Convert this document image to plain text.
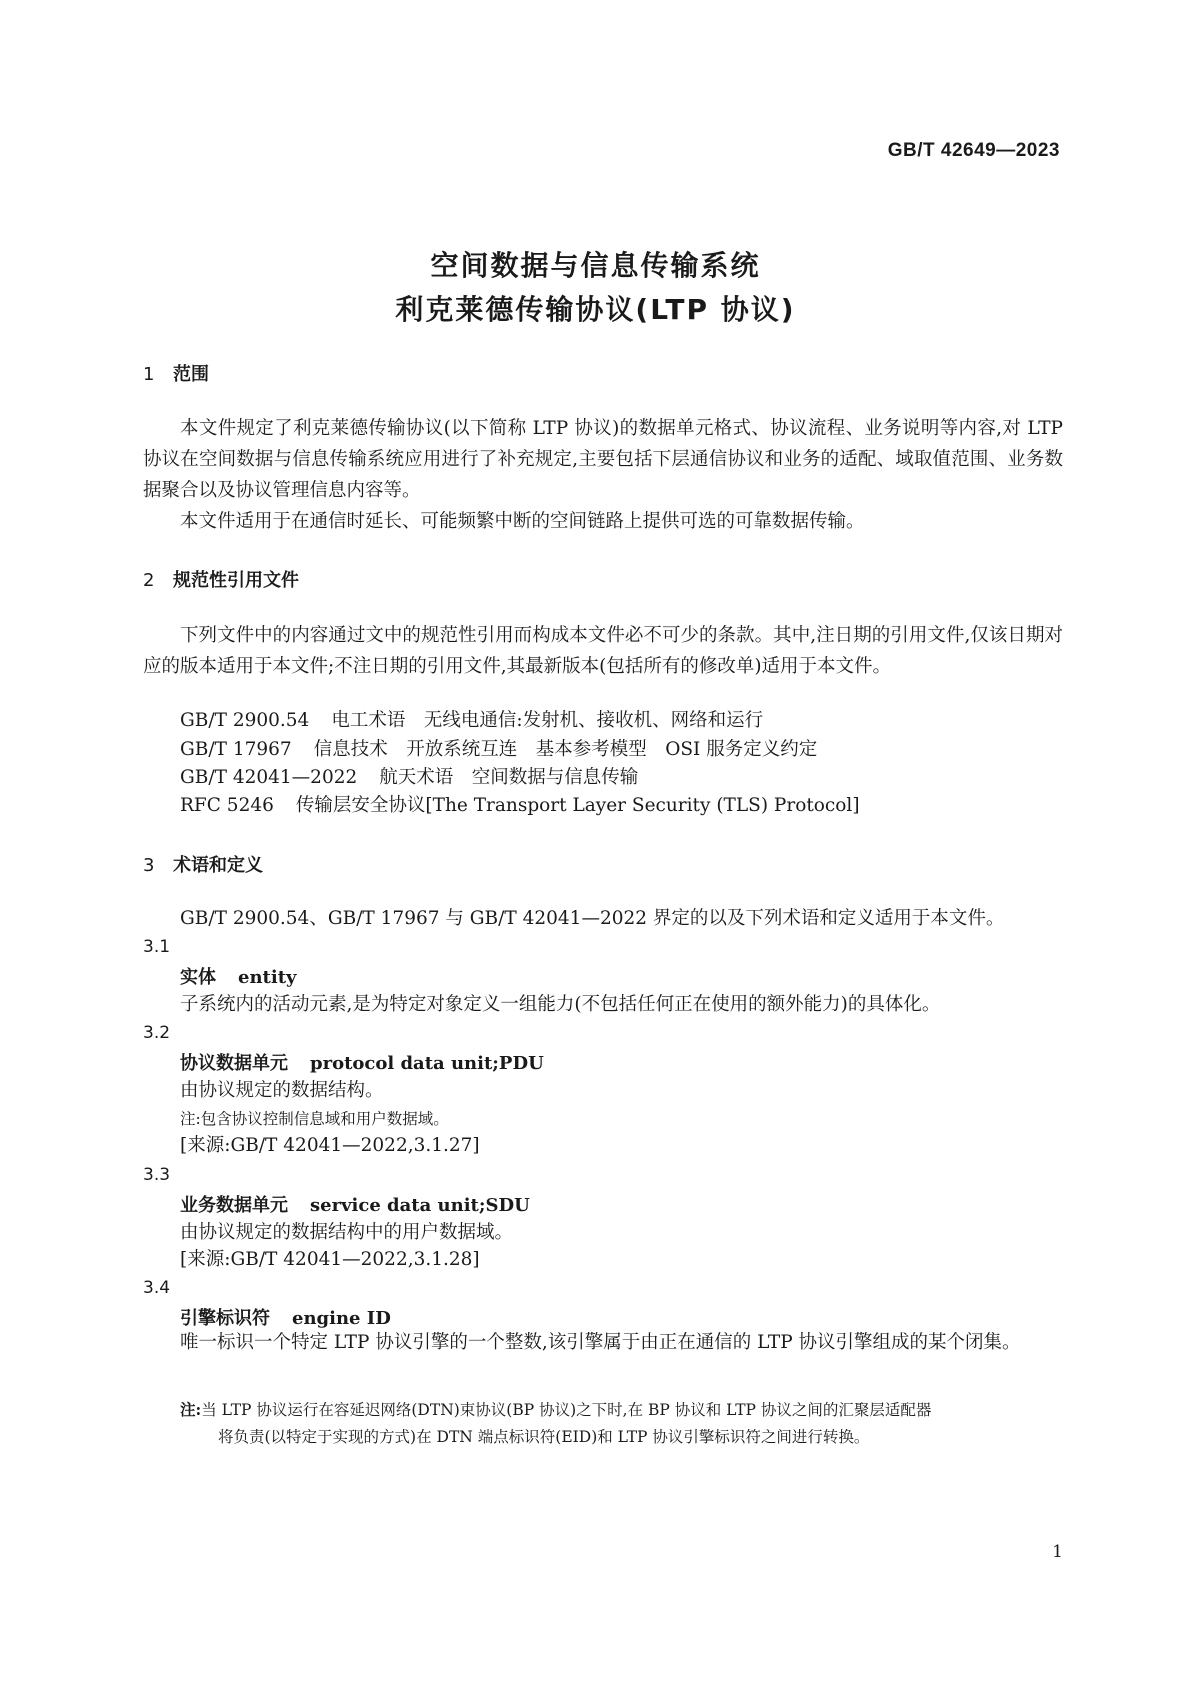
GB/T 42649—2023
空间数据与信息传输系统
利克莱德传输协议(LTP 协议)
1 范围
本文件规定了利克莱德传输协议(以下简称 LTP 协议)的数据单元格式、协议流程、业务说明等内容,对 LTP 协议在空间数据与信息传输系统应用进行了补充规定,主要包括下层通信协议和业务的适配、域取值范围、业务数据聚合以及协议管理信息内容等。
本文件适用于在通信时延长、可能频繁中断的空间链路上提供可选的可靠数据传输。
2 规范性引用文件
下列文件中的内容通过文中的规范性引用而构成本文件必不可少的条款。其中,注日期的引用文件,仅该日期对应的版本适用于本文件;不注日期的引用文件,其最新版本(包括所有的修改单)适用于本文件。
GB/T 2900.54 电工术语　无线电通信:发射机、接收机、网络和运行
GB/T 17967 信息技术　开放系统互连　基本参考模型　OSI 服务定义约定
GB/T 42041—2022 航天术语　空间数据与信息传输
RFC 5246 传输层安全协议[The Transport Layer Security (TLS) Protocol]
3 术语和定义
GB/T 2900.54、GB/T 17967 与 GB/T 42041—2022 界定的以及下列术语和定义适用于本文件。
3.1
实体 entity
子系统内的活动元素,是为特定对象定义一组能力(不包括任何正在使用的额外能力)的具体化。
3.2
协议数据单元 protocol data unit;PDU
由协议规定的数据结构。
注:包含协议控制信息域和用户数据域。
[来源:GB/T 42041—2022,3.1.27]
3.3
业务数据单元 service data unit;SDU
由协议规定的数据结构中的用户数据域。
[来源:GB/T 42041—2022,3.1.28]
3.4
引擎标识符 engine ID
唯一标识一个特定 LTP 协议引擎的一个整数,该引擎属于由正在通信的 LTP 协议引擎组成的某个闭集。
注:当 LTP 协议运行在容延迟网络(DTN)束协议(BP 协议)之下时,在 BP 协议和 LTP 协议之间的汇聚层适配器
将负责(以特定于实现的方式)在 DTN 端点标识符(EID)和 LTP 协议引擎标识符之间进行转换。
1
